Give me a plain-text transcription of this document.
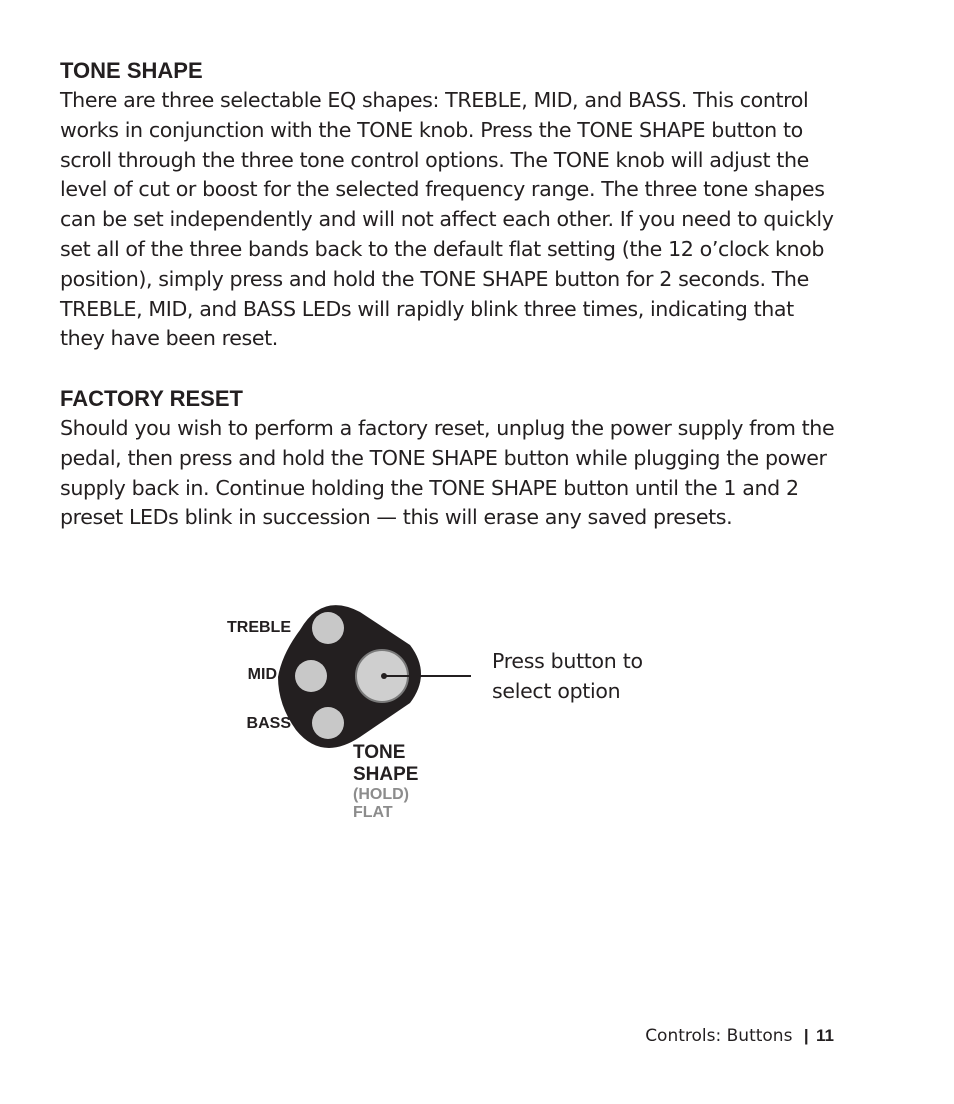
TONE SHAPE

There are three selectable EQ shapes: TREBLE, MID, and BASS. This control works in conjunction with the TONE knob. Press the TONE SHAPE button to scroll through the three tone control options. The TONE knob will adjust the level of cut or boost for the selected frequency range. The three tone shapes can be set independently and will not affect each other. If you need to quickly set all of the three bands back to the default flat setting (the 12 o’clock knob position), simply press and hold the TONE SHAPE button for 2 seconds. The TREBLE, MID, and BASS LEDs will rapidly blink three times, indicating that they have been reset.

FACTORY RESET

Should you wish to perform a factory reset, unplug the power supply from the pedal, then press and hold the TONE SHAPE button while plugging the power supply back in. Continue holding the TONE SHAPE button until the 1 and 2 preset LEDs blink in succession — this will erase any saved presets.

TREBLE
MID
BASS
Press button to
select option
TONE
SHAPE
(HOLD)
FLAT
Controls: Buttons | 11
